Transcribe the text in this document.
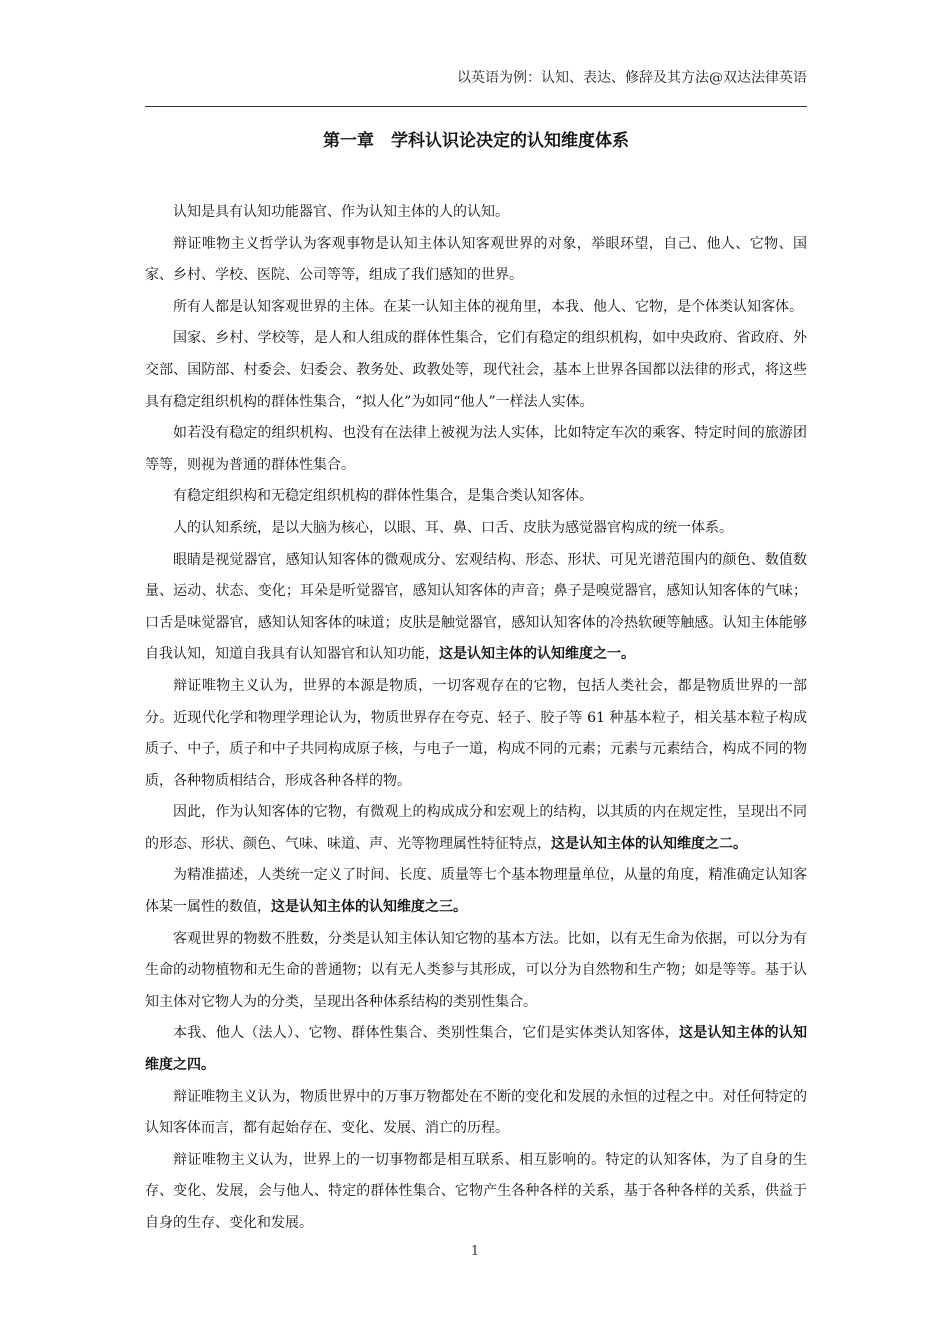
以英语为例：认知、表达、修辞及其方法@双达法律英语
第一章　学科认识论决定的认知维度体系

认知是具有认知功能器官、作为认知主体的人的认知。

辩证唯物主义哲学认为客观事物是认知主体认知客观世界的对象，举眼环望，自己、他人、它物、国家、乡村、学校、医院、公司等等，组成了我们感知的世界。

所有人都是认知客观世界的主体。在某一认知主体的视角里，本我、他人、它物，是个体类认知客体。

国家、乡村、学校等，是人和人组成的群体性集合，它们有稳定的组织机构，如中央政府、省政府、外交部、国防部、村委会、妇委会、教务处、政教处等，现代社会，基本上世界各国都以法律的形式，将这些具有稳定组织机构的群体性集合，“拟人化”为如同“他人”一样法人实体。

如若没有稳定的组织机构、也没有在法律上被视为法人实体，比如特定车次的乘客、特定时间的旅游团等等，则视为普通的群体性集合。

有稳定组织构和无稳定组织机构的群体性集合，是集合类认知客体。

人的认知系统，是以大脑为核心，以眼、耳、鼻、口舌、皮肤为感觉器官构成的统一体系。

眼睛是视觉器官，感知认知客体的微观成分、宏观结构、形态、形状、可见光谱范围内的颜色、数值数量、运动、状态、变化；耳朵是听觉器官，感知认知客体的声音；鼻子是嗅觉器官，感知认知客体的气味；口舌是味觉器官，感知认知客体的味道；皮肤是触觉器官，感知认知客体的冷热软硬等触感。认知主体能够自我认知，知道自我具有认知器官和认知功能，这是认知主体的认知维度之一。

辩证唯物主义认为，世界的本源是物质，一切客观存在的它物，包括人类社会，都是物质世界的一部分。近现代化学和物理学理论认为，物质世界存在夸克、轻子、胶子等 61 种基本粒子，相关基本粒子构成质子、中子，质子和中子共同构成原子核，与电子一道，构成不同的元素；元素与元素结合，构成不同的物质，各种物质相结合，形成各种各样的物。

因此，作为认知客体的它物，有微观上的构成成分和宏观上的结构，以其质的内在规定性，呈现出不同的形态、形状、颜色、气味、味道、声、光等物理属性特征特点，这是认知主体的认知维度之二。

为精准描述，人类统一定义了时间、长度、质量等七个基本物理量单位，从量的角度，精准确定认知客体某一属性的数值，这是认知主体的认知维度之三。

客观世界的物数不胜数，分类是认知主体认知它物的基本方法。比如，以有无生命为依据，可以分为有生命的动物植物和无生命的普通物；以有无人类参与其形成，可以分为自然物和生产物；如是等等。基于认知主体对它物人为的分类，呈现出各种体系结构的类别性集合。

本我、他人（法人）、它物、群体性集合、类别性集合，它们是实体类认知客体，这是认知主体的认知维度之四。

辩证唯物主义认为，物质世界中的万事万物都处在不断的变化和发展的永恒的过程之中。对任何特定的认知客体而言，都有起始存在、变化、发展、消亡的历程。

辩证唯物主义认为，世界上的一切事物都是相互联系、相互影响的。特定的认知客体，为了自身的生存、变化、发展，会与他人、特定的群体性集合、它物产生各种各样的关系，基于各种各样的关系，供益于自身的生存、变化和发展。

1
